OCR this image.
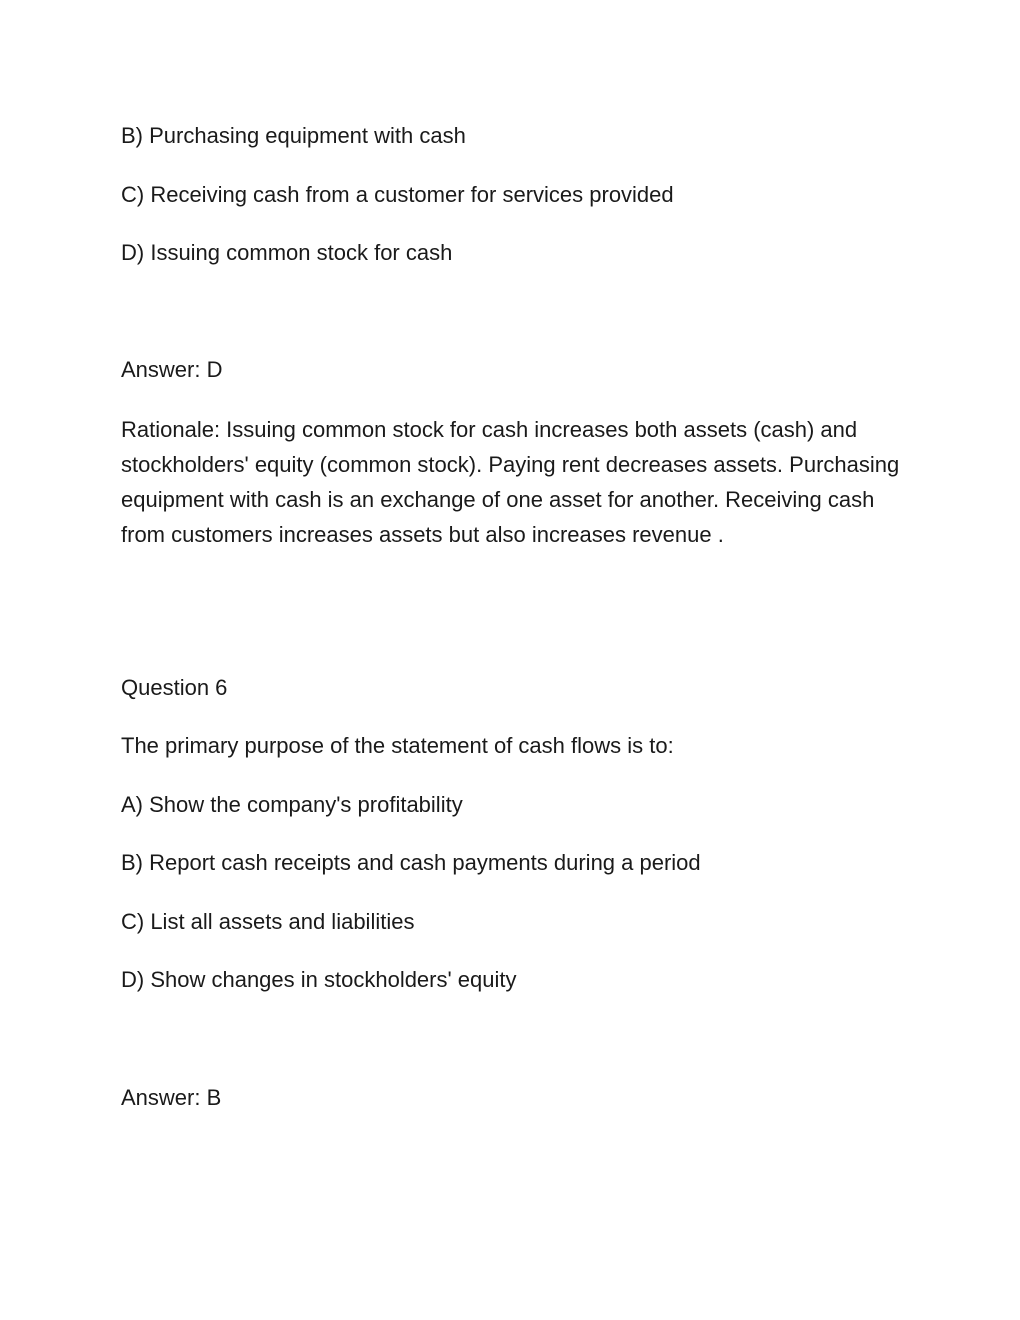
B) Purchasing equipment with cash

C) Receiving cash from a customer for services provided

D) Issuing common stock for cash

Answer: D

Rationale: Issuing common stock for cash increases both assets (cash) and stockholders' equity (common stock). Paying rent decreases assets. Purchasing equipment with cash is an exchange of one asset for another. Receiving cash from customers increases assets but also increases revenue .

Question 6

The primary purpose of the statement of cash flows is to:

A) Show the company's profitability

B) Report cash receipts and cash payments during a period

C) List all assets and liabilities

D) Show changes in stockholders' equity

Answer: B
